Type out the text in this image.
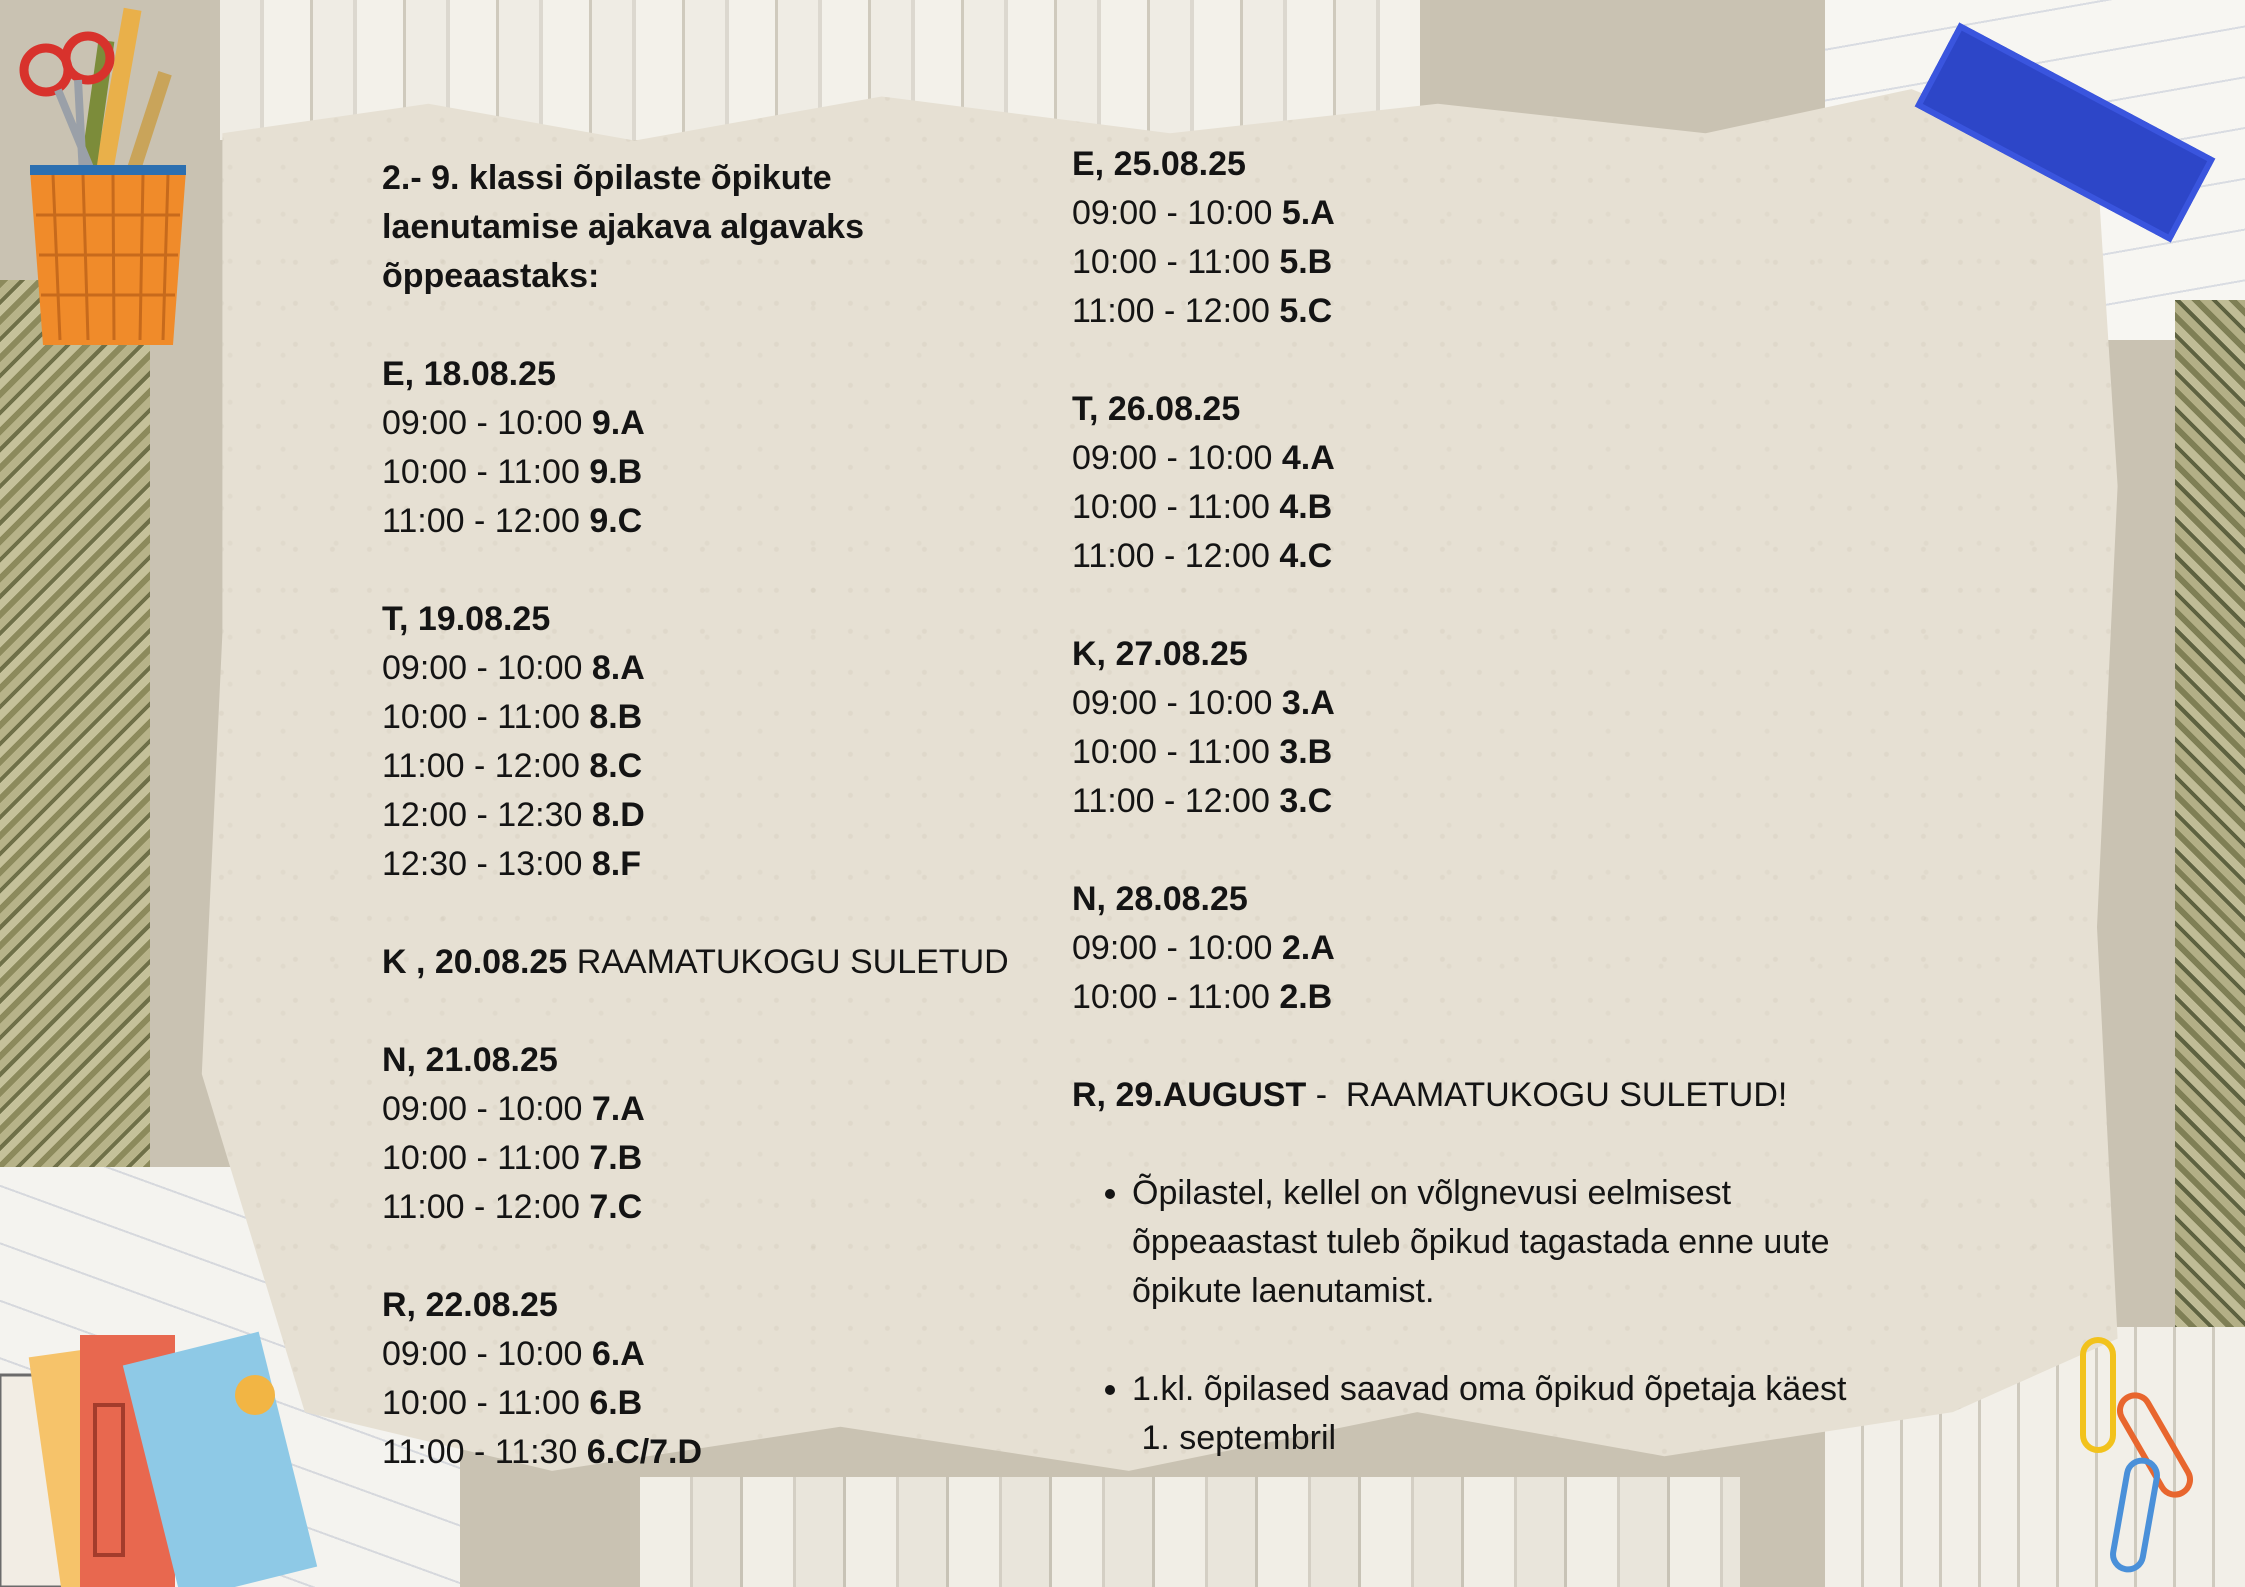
2.- 9. klassi õpilaste õpikute
laenutamise ajakava algavaks
õppeaastaks:
E, 18.08.25
09:00 - 10:00 9.A
10:00 - 11:00 9.B
11:00 - 12:00 9.C
T, 19.08.25
09:00 - 10:00 8.A
10:00 - 11:00 8.B
11:00 - 12:00 8.C
12:00 - 12:30 8.D
12:30 - 13:00 8.F
K , 20.08.25 RAAMATUKOGU SULETUD
N, 21.08.25
09:00 - 10:00 7.A
10:00 - 11:00 7.B
11:00 - 12:00 7.C
R, 22.08.25
09:00 - 10:00 6.A
10:00 - 11:00 6.B
11:00 - 11:30 6.C/7.D
E, 25.08.25
09:00 - 10:00 5.A
10:00 - 11:00 5.B
11:00 - 12:00 5.C
T, 26.08.25
09:00 - 10:00 4.A
10:00 - 11:00 4.B
11:00 - 12:00 4.C
K, 27.08.25
09:00 - 10:00 3.A
10:00 - 11:00 3.B
11:00 - 12:00 3.C
N, 28.08.25
09:00 - 10:00 2.A
10:00 - 11:00 2.B
R, 29.AUGUST -  RAAMATUKOGU SULETUD!
• Õpilastel, kellel on võlgnevusi eelmisest
õppeaastast tuleb õpikud tagastada enne uute
õpikute laenutamist.
• 1.kl. õpilased saavad oma õpikud õpetaja käest
1. septembril
